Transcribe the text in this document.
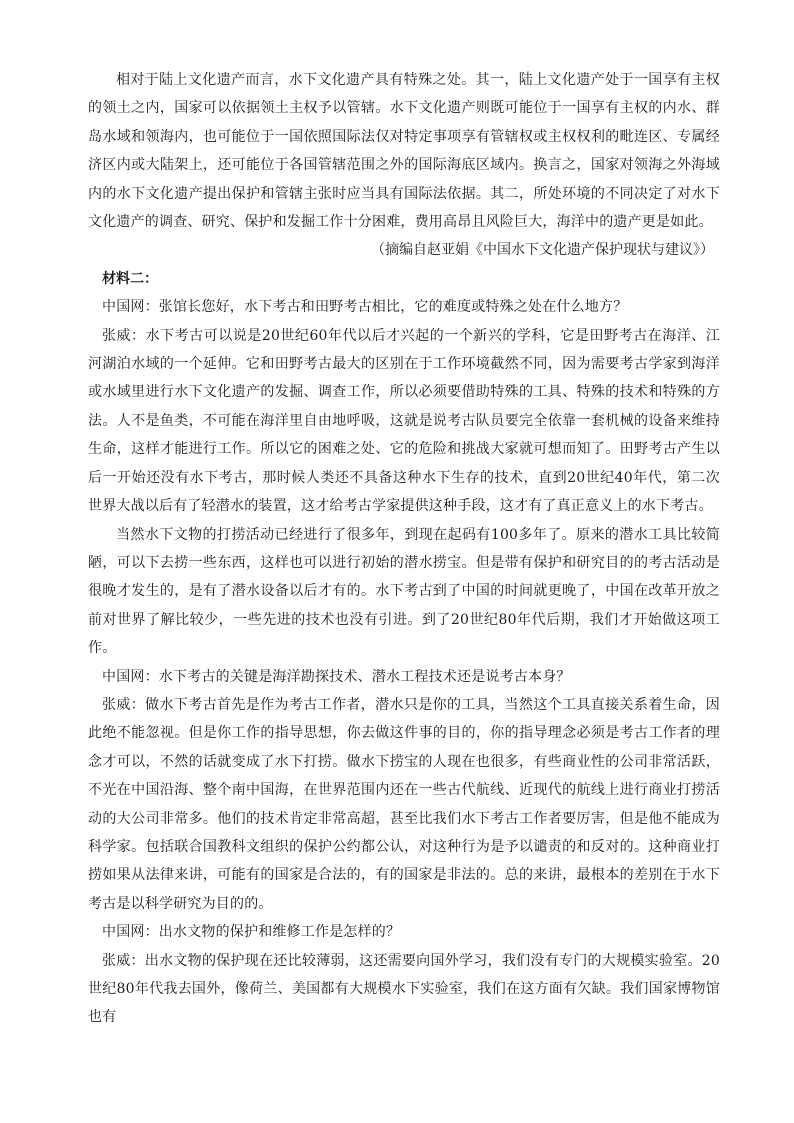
相对于陆上文化遗产而言，水下文化遗产具有特殊之处。其一，陆上文化遗产处于一国享有主权的领土之内，国家可以依据领土主权予以管辖。水下文化遗产则既可能位于一国享有主权的内水、群岛水域和领海内，也可能位于一国依照国际法仅对特定事项享有管辖权或主权权利的毗连区、专属经济区内或大陆架上，还可能位于各国管辖范围之外的国际海底区域内。换言之，国家对领海之外海域内的水下文化遗产提出保护和管辖主张时应当具有国际法依据。其二，所处环境的不同决定了对水下文化遗产的调查、研究、保护和发掘工作十分困难，费用高昂且风险巨大，海洋中的遗产更是如此。

（摘编自赵亚娟《中国水下文化遗产保护现状与建议》）

材料二：

中国网：张馆长您好，水下考古和田野考古相比，它的难度或特殊之处在什么地方？

张威：水下考古可以说是20世纪60年代以后才兴起的一个新兴的学科，它是田野考古在海洋、江河湖泊水域的一个延伸。它和田野考古最大的区别在于工作环境截然不同，因为需要考古学家到海洋或水域里进行水下文化遗产的发掘、调查工作，所以必须要借助特殊的工具、特殊的技术和特殊的方法。人不是鱼类，不可能在海洋里自由地呼吸，这就是说考古队员要完全依靠一套机械的设备来维持生命，这样才能进行工作。所以它的困难之处、它的危险和挑战大家就可想而知了。田野考古产生以后一开始还没有水下考古，那时候人类还不具备这种水下生存的技术，直到20世纪40年代，第二次世界大战以后有了轻潜水的装置，这才给考古学家提供这种手段，这才有了真正意义上的水下考古。

当然水下文物的打捞活动已经进行了很多年，到现在起码有100多年了。原来的潜水工具比较简陋，可以下去捞一些东西，这样也可以进行初始的潜水捞宝。但是带有保护和研究目的的考古活动是很晚才发生的，是有了潜水设备以后才有的。水下考古到了中国的时间就更晚了，中国在改革开放之前对世界了解比较少，一些先进的技术也没有引进。到了20世纪80年代后期，我们才开始做这项工作。

中国网：水下考古的关键是海洋勘探技术、潜水工程技术还是说考古本身？

张威：做水下考古首先是作为考古工作者，潜水只是你的工具，当然这个工具直接关系着生命，因此绝不能忽视。但是你工作的指导思想，你去做这件事的目的，你的指导理念必须是考古工作者的理念才可以，不然的话就变成了水下打捞。做水下捞宝的人现在也很多，有些商业性的公司非常活跃，不光在中国沿海、整个南中国海，在世界范围内还在一些古代航线、近现代的航线上进行商业打捞活动的大公司非常多。他们的技术肯定非常高超，甚至比我们水下考古工作者要厉害，但是他不能成为科学家。包括联合国教科文组织的保护公约都公认，对这种行为是予以谴责的和反对的。这种商业打捞如果从法律来讲，可能有的国家是合法的，有的国家是非法的。总的来讲，最根本的差别在于水下考古是以科学研究为目的的。

中国网：出水文物的保护和维修工作是怎样的？

张威：出水文物的保护现在还比较薄弱，这还需要向国外学习，我们没有专门的大规模实验室。20世纪80年代我去国外，像荷兰、美国都有大规模水下实验室，我们在这方面有欠缺。我们国家博物馆也有
